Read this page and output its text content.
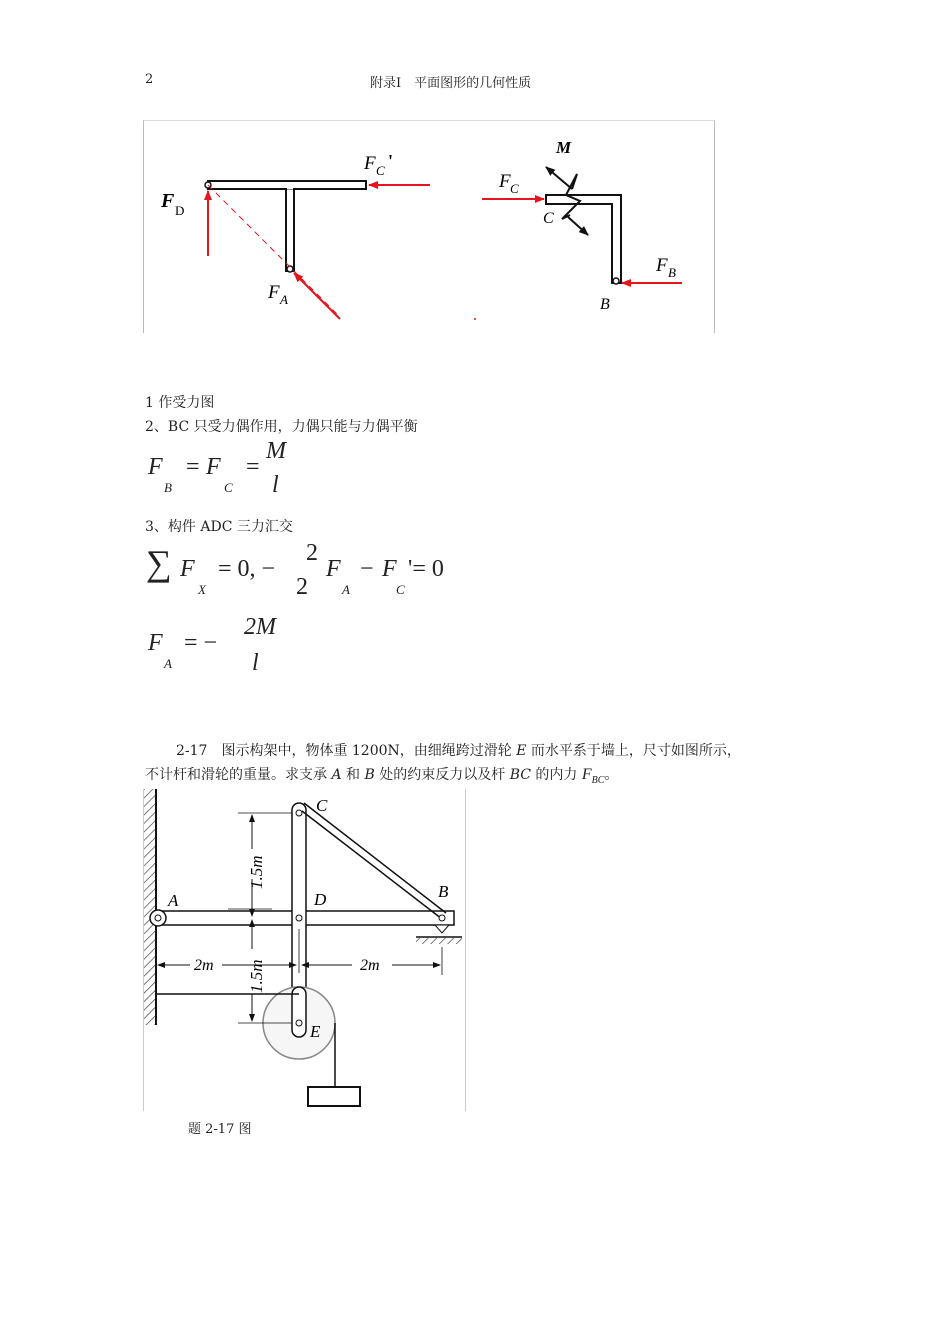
2	附录Ⅰ　平面图形的几何性质
F D
F C '
F A
F C
M
C
F B
B
1 作受力图
2、BC 只受力偶作用，力偶只能与力偶平衡
F
B
= F
C
=
M
l
3、构件 ADC 三力汇交
∑ F
X
= 0, −
2
2
F
A
− F
C
'= 0
F
A
= −
2M
l
2-17　图示构架中，物体重 1200N，由细绳跨过滑轮 E 而水平系于墙上，尺寸如图所示，
不计杆和滑轮的重量。求支承 A 和 B 处的约束反力以及杆 BC 的内力 $F_{BC}$。
1.5m
1.5m
2m	2m
C
A	D	B
E
题 2-17 图
